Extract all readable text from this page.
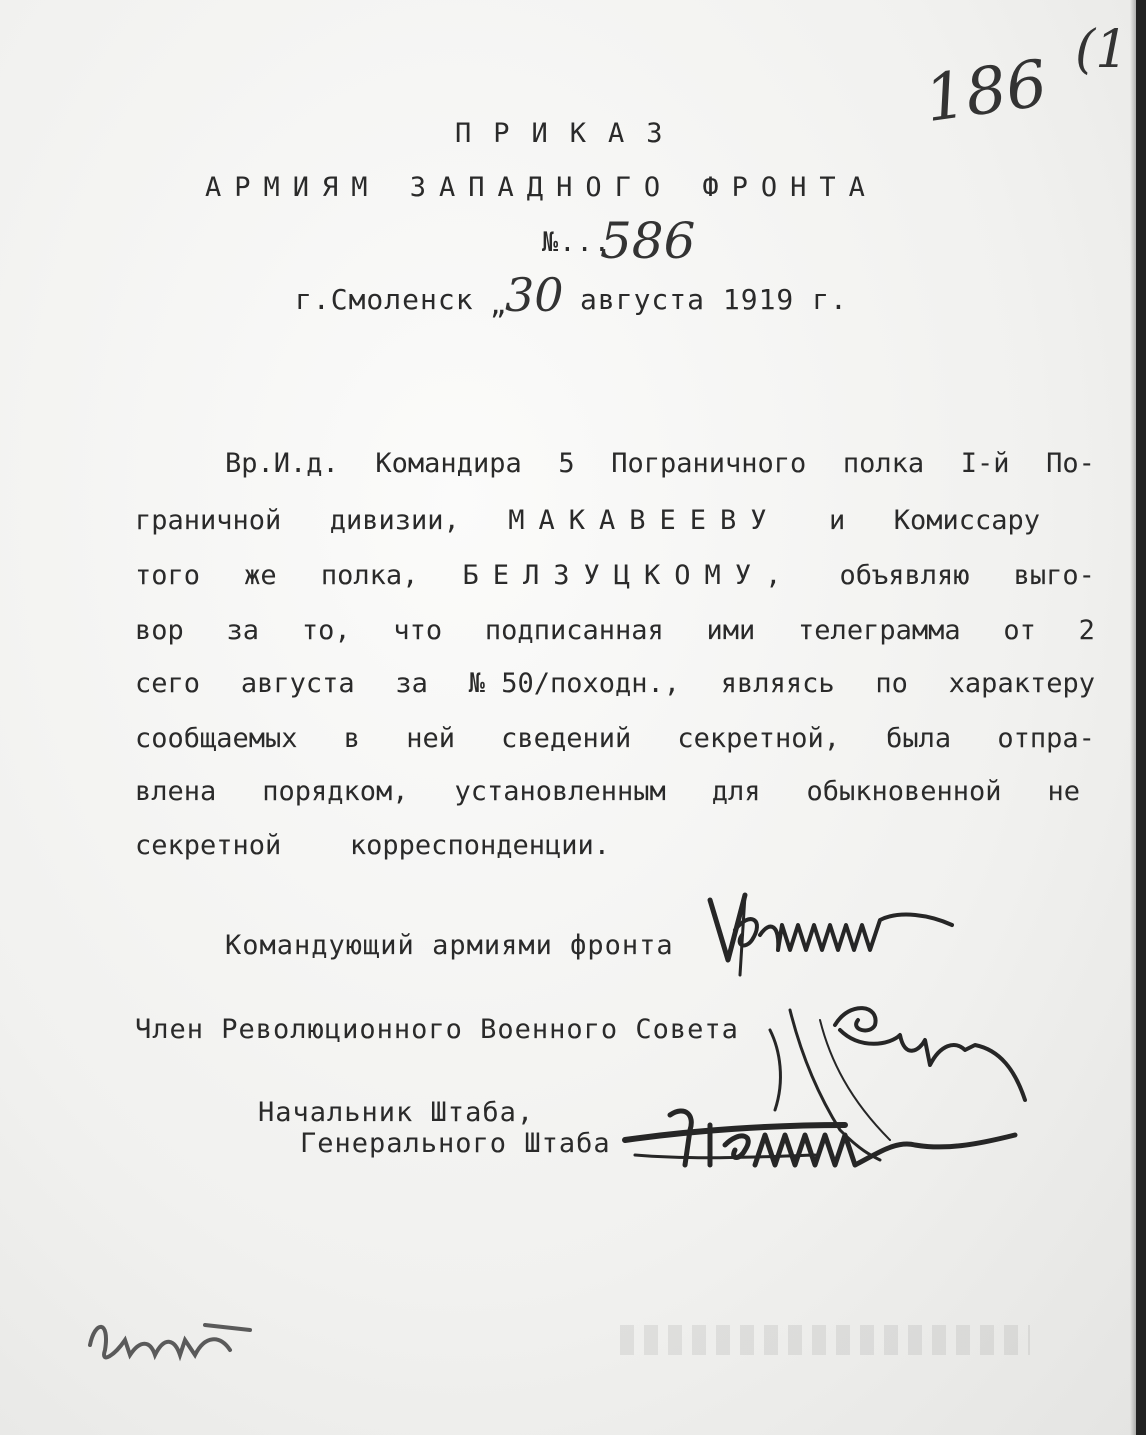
186 (1
ПРИКАЗ
АРМИЯМ ЗАПАДНОГО ФРОНТА
№...
586
г.Смоленск „
30 августа 1919 г.
Вр.И.д. Командира 5 Пограничного полка I-й По-
граничной дивизии, МАКАВЕЕВУ и Комиссару
того же полка, БЕЛЗУЦКОМУ, объявляю выго-
вор за то, что подписанная ими телеграмма от 2
сего августа за № 50/походн., являясь по характеру
сообщаемых в ней сведений секретной, была отпра-
влена порядком, установленным для обыкновенной не
секретной	корреспонденции.
Командующий армиями фронта
Член Революционного Военного Совета
Начальник Штаба,
Генерального Штаба
